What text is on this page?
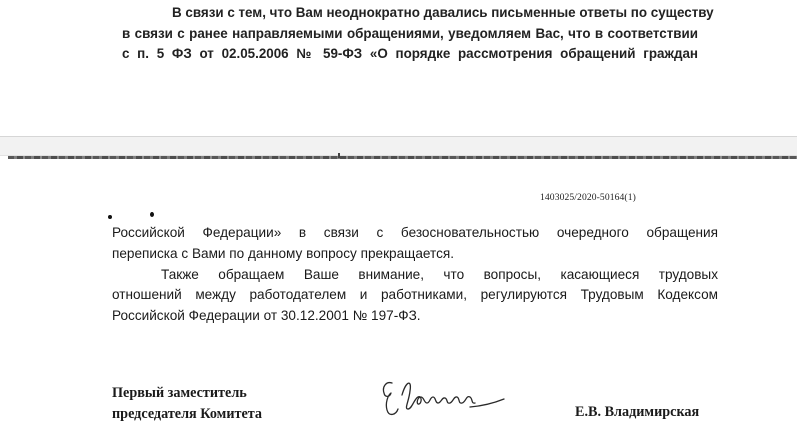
В связи с тем, что Вам неоднократно давались письменные ответы по существу
в связи с ранее направляемыми обращениями, уведомляем Вас, что в соответствии
с п. 5 ФЗ от 02.05.2006 № 59-ФЗ «О порядке рассмотрения обращений граждан
1403025/2020-50164(1)
Российской Федерации» в связи с безосновательностью очередного обращения
переписка с Вами по данному вопросу прекращается.
Также обращаем Ваше внимание, что вопросы, касающиеся трудовых
отношений между работодателем и работниками, регулируются Трудовым Кодексом
Российской Федерации от 30.12.2001 № 197-ФЗ.
Первый заместитель
председателя Комитета	Е.В. Владимирская
